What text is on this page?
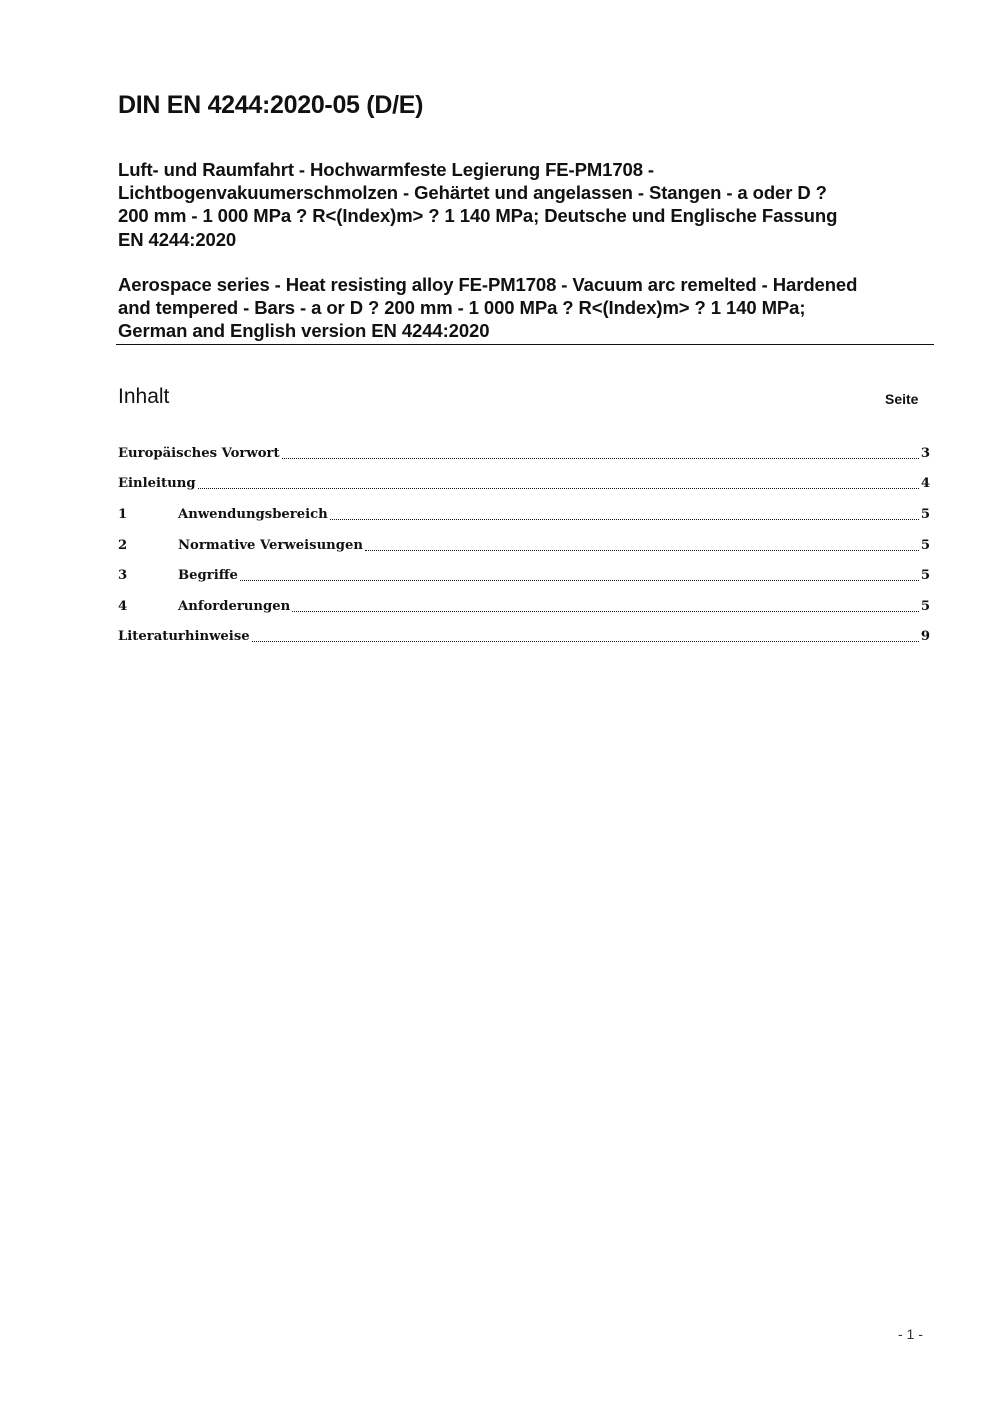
DIN EN 4244:2020-05 (D/E)

Luft- und Raumfahrt - Hochwarmfeste Legierung FE-PM1708 -
Lichtbogenvakuumerschmolzen - Gehärtet und angelassen - Stangen - a oder D ?
200 mm - 1 000 MPa ? R<(Index)m> ? 1 140 MPa; Deutsche und Englische Fassung
EN 4244:2020

Aerospace series - Heat resisting alloy FE-PM1708 - Vacuum arc remelted - Hardened
and tempered - Bars - a or D ? 200 mm - 1 000 MPa ? R<(Index)m> ? 1 140 MPa;
German and English version EN 4244:2020

Inhalt	Seite
Europäisches Vorwort	3
Einleitung	4
1	Anwendungsbereich	5
2	Normative Verweisungen	5
3	Begriffe	5
4	Anforderungen	5
Literaturhinweise	9
- 1 -
